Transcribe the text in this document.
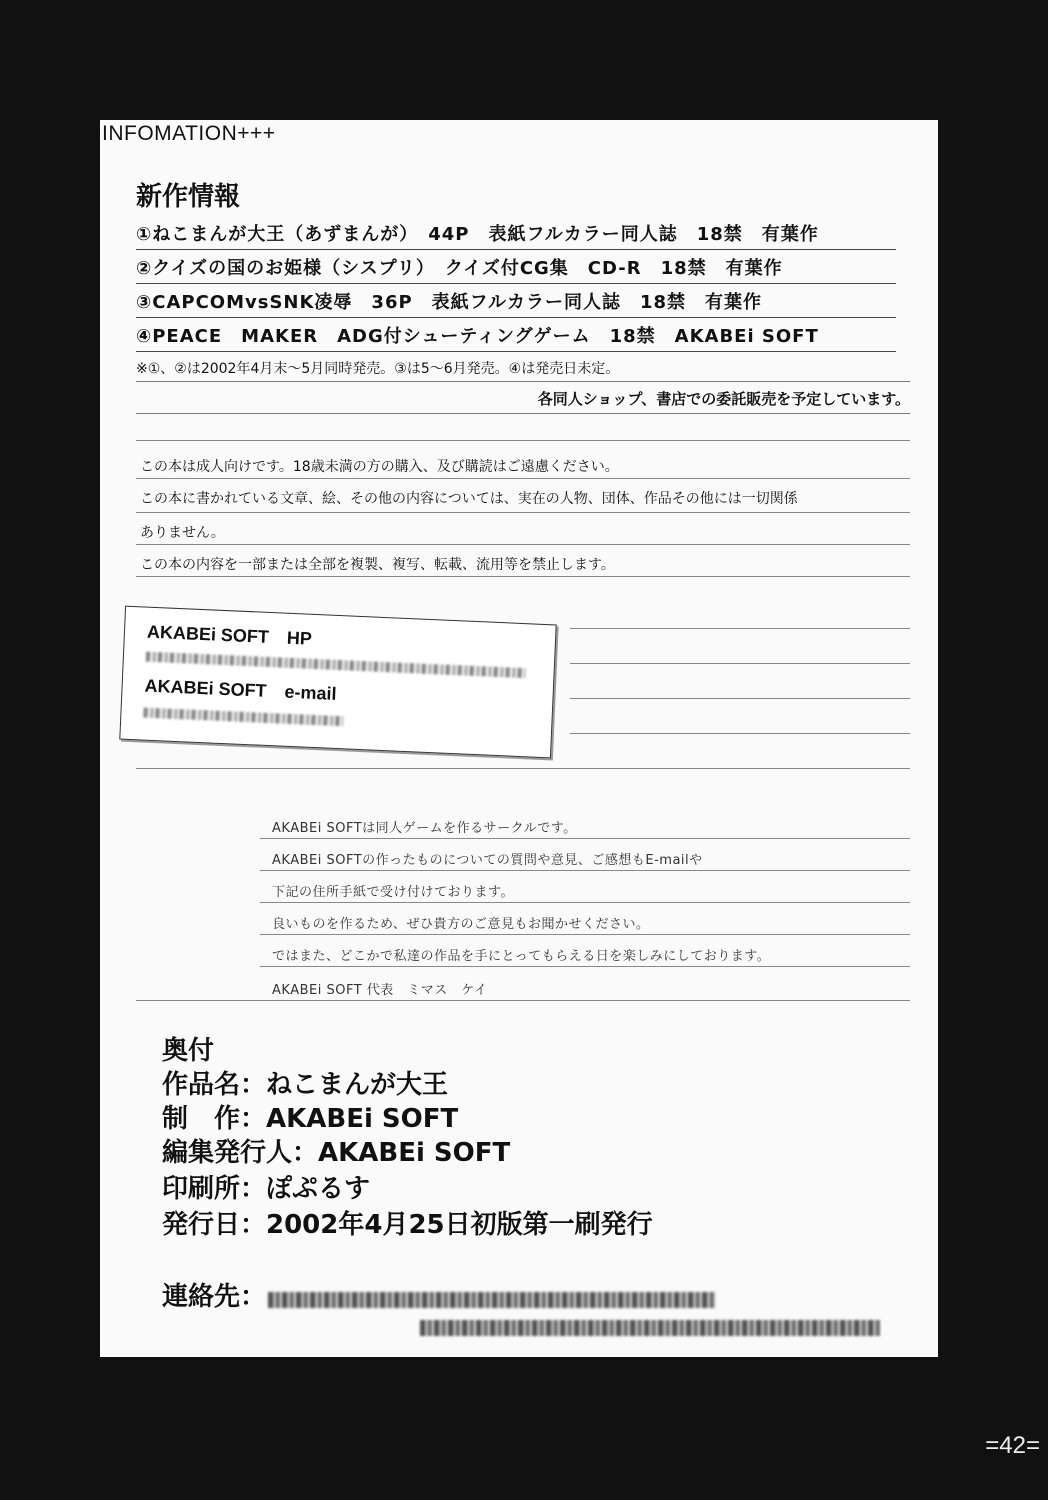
INFOMATION+++
新作情報
①ねこまんが大王（あずまんが）　44P　表紙フルカラー同人誌　18禁　有葉作
②クイズの国のお姫様（シスプリ）　クイズ付CG集　CD-R　18禁　有葉作
③CAPCOMvsSNK凌辱　36P　表紙フルカラー同人誌　18禁　有葉作
④PEACE　MAKER　ADG付シューティングゲーム　18禁　AKABEi SOFT
※①、②は2002年4月末～5月同時発売。③は5～6月発売。④は発売日未定。
各同人ショップ、書店での委託販売を予定しています。
この本は成人向けです。18歳未満の方の購入、及び購読はご遠慮ください。
この本に書かれている文章、絵、その他の内容については、実在の人物、団体、作品その他には一切関係
ありません。
この本の内容を一部または全部を複製、複写、転載、流用等を禁止します。
AKABEi SOFT　HP
AKABEi SOFT　e-mail
AKABEi SOFTは同人ゲームを作るサークルです。
AKABEi SOFTの作ったものについての質問や意見、ご感想もE-mailや
下記の住所手紙で受け付けております。
良いものを作るため、ぜひ貴方のご意見もお聞かせください。
ではまた、どこかで私達の作品を手にとってもらえる日を楽しみにしております。
AKABEi SOFT 代表　ミマス　ケイ
奥付
作品名：ねこまんが大王
制　作：AKABEi SOFT
編集発行人：AKABEi SOFT
印刷所：ぽぷるす
発行日：2002年4月25日初版第一刷発行
連絡先：
=42=
